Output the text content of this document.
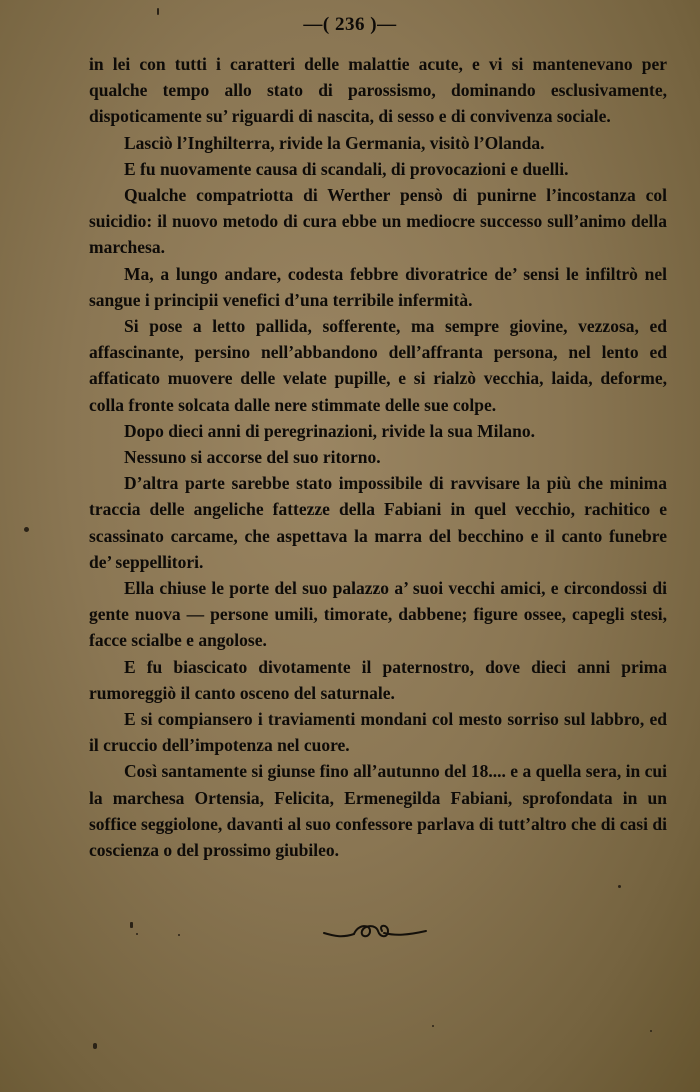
—( 236 )—

in lei con tutti i caratteri delle malattie acute, e vi si mantenevano per qualche tempo allo stato di parossismo, dominando esclusivamente, dispoticamente su’ riguardi di nascita, di sesso e di convivenza sociale.

Lasciò l’Inghilterra, rivide la Germania, visitò l’Olanda.

E fu nuovamente causa di scandali, di provocazioni e duelli.

Qualche compatriotta di Werther pensò di punirne l’incostanza col suicidio: il nuovo metodo di cura ebbe un mediocre successo sull’animo della marchesa.

Ma, a lungo andare, codesta febbre divoratrice de’ sensi le infiltrò nel sangue i principii venefici d’una terribile infermità.

Si pose a letto pallida, sofferente, ma sempre giovine, vezzosa, ed affascinante, persino nell’abbandono dell’affranta persona, nel lento ed affaticato muovere delle velate pupille, e si rialzò vecchia, laida, deforme, colla fronte solcata dalle nere stimmate delle sue colpe.

Dopo dieci anni di peregrinazioni, rivide la sua Milano.

Nessuno si accorse del suo ritorno.

D’altra parte sarebbe stato impossibile di ravvisare la più che minima traccia delle angeliche fattezze della Fabiani in quel vecchio, rachitico e scassinato carcame, che aspettava la marra del becchino e il canto funebre de’ seppellitori.

Ella chiuse le porte del suo palazzo a’ suoi vecchi amici, e circondossi di gente nuova — persone umili, timorate, dabbene; figure ossee, capegli stesi, facce scialbe e angolose.

E fu biascicato divotamente il paternostro, dove dieci anni prima rumoreggiò il canto osceno del saturnale.

E si compiansero i traviamenti mondani col mesto sorriso sul labbro, ed il cruccio dell’impotenza nel cuore.

Così santamente si giunse fino all’autunno del 18.... e a quella sera, in cui la marchesa Ortensia, Felicita, Ermenegilda Fabiani, sprofondata in un soffice seggiolone, davanti al suo confessore parlava di tutt’altro che di casi di coscienza o del prossimo giubileo.
